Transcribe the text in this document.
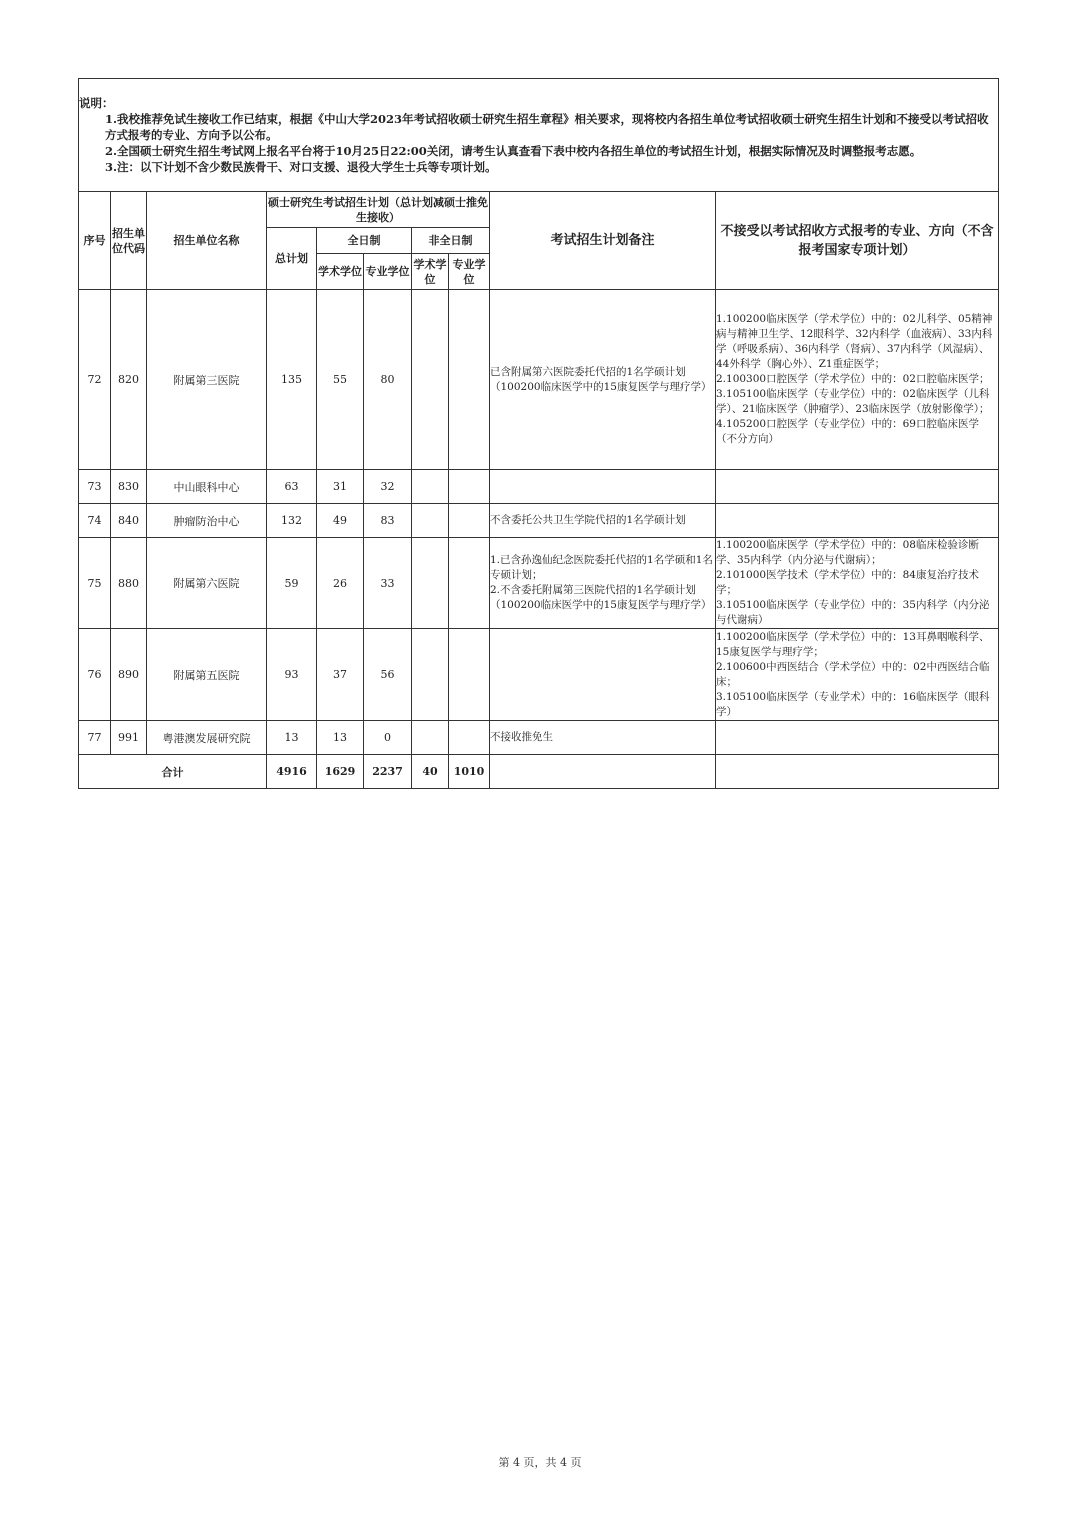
说明：
1.我校推荐免试生接收工作已结束，根据《中山大学2023年考试招收硕士研究生招生章程》相关要求，现将校内各招生单位考试招收硕士研究生招生计划和不接受以考试招收方式报考的专业、方向予以公布。
2.全国硕士研究生招生考试网上报名平台将于10月25日22:00关闭，请考生认真查看下表中校内各招生单位的考试招生计划，根据实际情况及时调整报考志愿。
3.注：以下计划不含少数民族骨干、对口支援、退役大学生士兵等专项计划。									

序号	招生单位代码	招生单位名称	硕士研究生考试招生计划（总计划减硕士推免生接收）					考试招生计划备注	不接受以考试招收方式报考的专业、方向（不含报考国家专项计划）
			总计划	全日制		非全日制			
				学术学位	专业学位	学术学位	专业学位		
72	820	附属第三医院	135	55	80			已含附属第六医院委托代招的1名学硕计划（100200临床医学中的15康复医学与理疗学）	1.100200临床医学（学术学位）中的：02儿科学、05精神病与精神卫生学、12眼科学、32内科学（血液病）、33内科学（呼吸系病）、36内科学（肾病）、37内科学（风湿病）、44外科学（胸心外）、Z1重症医学；
2.100300口腔医学（学术学位）中的：02口腔临床医学；
3.105100临床医学（专业学位）中的：02临床医学（儿科学）、21临床医学（肿瘤学）、23临床医学（放射影像学）；
4.105200口腔医学（专业学位）中的：69口腔临床医学（不分方向）

73	830	中山眼科中心	63	31	32				
74	840	肿瘤防治中心	132	49	83			不含委托公共卫生学院代招的1名学硕计划	

75	880	附属第六医院	59	26	33			1.已含孙逸仙纪念医院委托代招的1名学硕和1名专硕计划；
2.不含委托附属第三医院代招的1名学硕计划（100200临床医学中的15康复医学与理疗学）	1.100200临床医学（学术学位）中的：08临床检验诊断学、35内科学（内分泌与代谢病）；
2.101000医学技术（学术学位）中的：84康复治疗技术学；
3.105100临床医学（专业学位）中的：35内科学（内分泌与代谢病）

76	890	附属第五医院	93	37	56				1.100200临床医学（学术学位）中的：13耳鼻咽喉科学、15康复医学与理疗学；
2.100600中西医结合（学术学位）中的：02中西医结合临床；
3.105100临床医学（专业学术）中的：16临床医学（眼科学）

77	991	粤港澳发展研究院	13	13	0			不接收推免生	

合计			4916	1629	2237	40	1010		
第 4 页，共 4 页
